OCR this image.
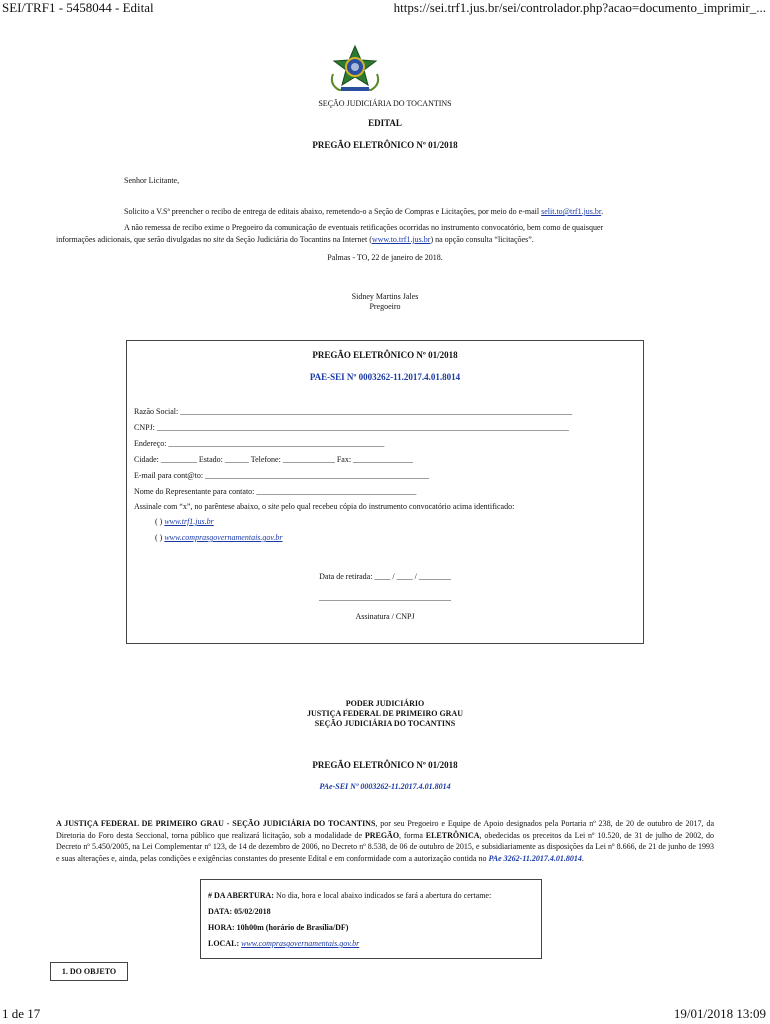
SEI/TRF1 - 5458044 - Edital	https://sei.trf1.jus.br/sei/controlador.php?acao=documento_imprimir_...
SEÇÃO JUDICIÁRIA DO TOCANTINS
EDITAL
PREGÃO ELETRÔNICO Nº 01/2018
Senhor Licitante,
Solicito a V.Sª preencher o recibo de entrega de editais abaixo, remetendo-o a Seção de Compras e Licitações, por meio do e-mail selit.to@trf1.jus.br.
A não remessa de recibo exime o Pregoeiro da comunicação de eventuais retificações ocorridas no instrumento convocatório, bem como de quaisquer
informações adicionais, que serão divulgadas no site da Seção Judiciária do Tocantins na Internet (www.to.trf1.jus.br) na opção consulta “licitações”.
Palmas - TO, 22 de janeiro de 2018.
Sidney Martins Jales
Pregoeiro
PREGÃO ELETRÔNICO Nº 01/2018
PAE-SEI Nº 0003262-11.2017.4.01.8014
Razão Social: __________________________________________________________________________________________________
CNPJ: _______________________________________________________________________________________________________
Endereço: ______________________________________________________
Cidade: _________ Estado: ______ Telefone: _____________ Fax: _______________
E-mail para cont@to: ________________________________________________________
Nome do Representante para contato: ________________________________________
Assinale com “x”, no parêntese abaixo, o site pelo qual recebeu cópia do instrumento convocatório acima identificado:
( ) www.trf1.jus.br
( ) www.comprasgovernamentais.gov.br
Data de retirada: ____ / ____ / ________
_________________________________
Assinatura / CNPJ
PODER JUDICIÁRIO
JUSTIÇA FEDERAL DE PRIMEIRO GRAU
SEÇÃO JUDICIÁRIA DO TOCANTINS
PREGÃO ELETRÔNICO Nº 01/2018
PAe-SEI Nº 0003262-11.2017.4.01.8014
A JUSTIÇA FEDERAL DE PRIMEIRO GRAU - SEÇÃO JUDICIÁRIA DO TOCANTINS, por seu Pregoeiro e Equipe de Apoio designados pela Portaria nº 238, de 20 de outubro de 2017, da Diretoria do Foro desta Seccional, torna público que realizará licitação, sob a modalidade de PREGÃO, forma ELETRÔNICA, obedecidas os preceitos da Lei nº 10.520, de 31 de julho de 2002, do Decreto nº 5.450/2005, na Lei Complementar nº 123, de 14 de dezembro de 2006, no Decreto nº 8.538, de 06 de outubro de 2015, e subsidiariamente as disposições da Lei nº 8.666, de 21 de junho de 1993 e suas alterações e, ainda, pelas condições e exigências constantes do presente Edital e em conformidade com a autorização contida no PAe 3262-11.2017.4.01.8014.
# DA ABERTURA: No dia, hora e local abaixo indicados se fará a abertura do certame:
DATA: 05/02/2018
HORA: 10h00m (horário de Brasília/DF)
LOCAL: www.comprasgovernamentais.gov.br
1. DO OBJETO
1 de 17	19/01/2018 13:09
